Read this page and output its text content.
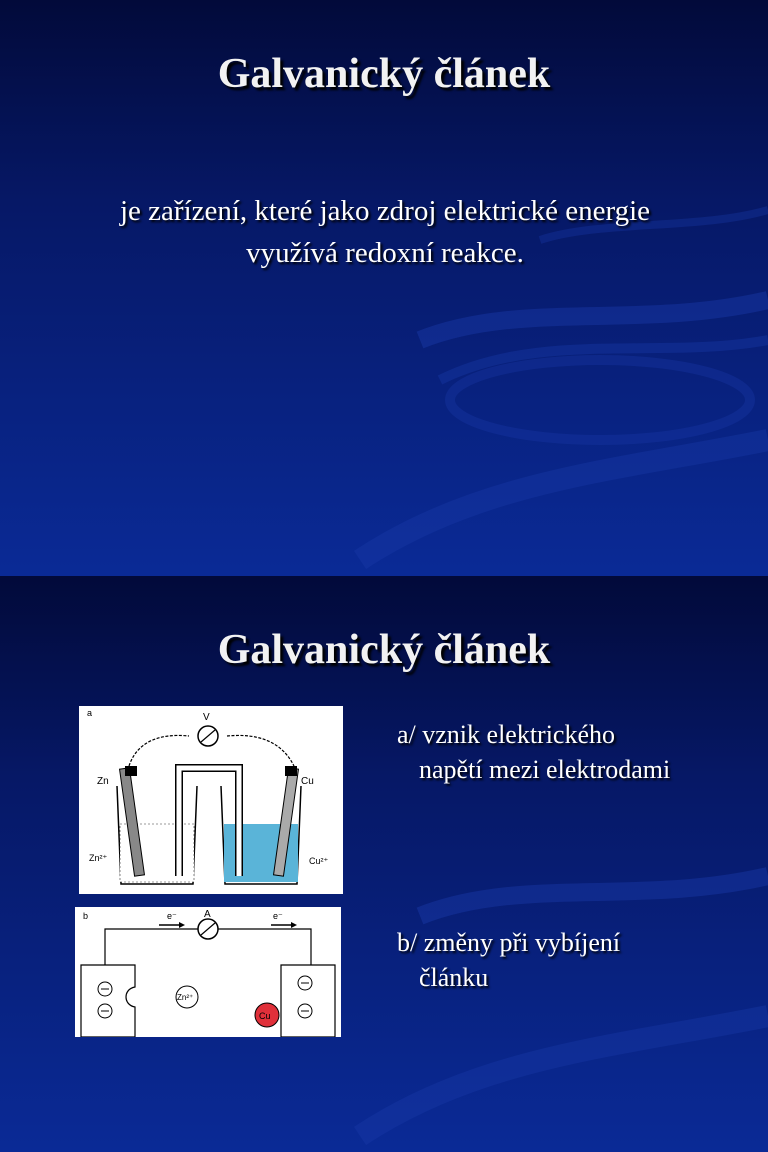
Galvanický článek

je zařízení, které jako zdroj elektrické energie
využívá redoxní reakce.

Galvanický článek
a	V
Zn	Cu
Zn²⁺	Cu²⁺
b	A
e⁻	e⁻
Zn²⁺
Cu
a/ vznik elektrického
napětí mezi elektrodami
b/ změny při vybíjení
článku
